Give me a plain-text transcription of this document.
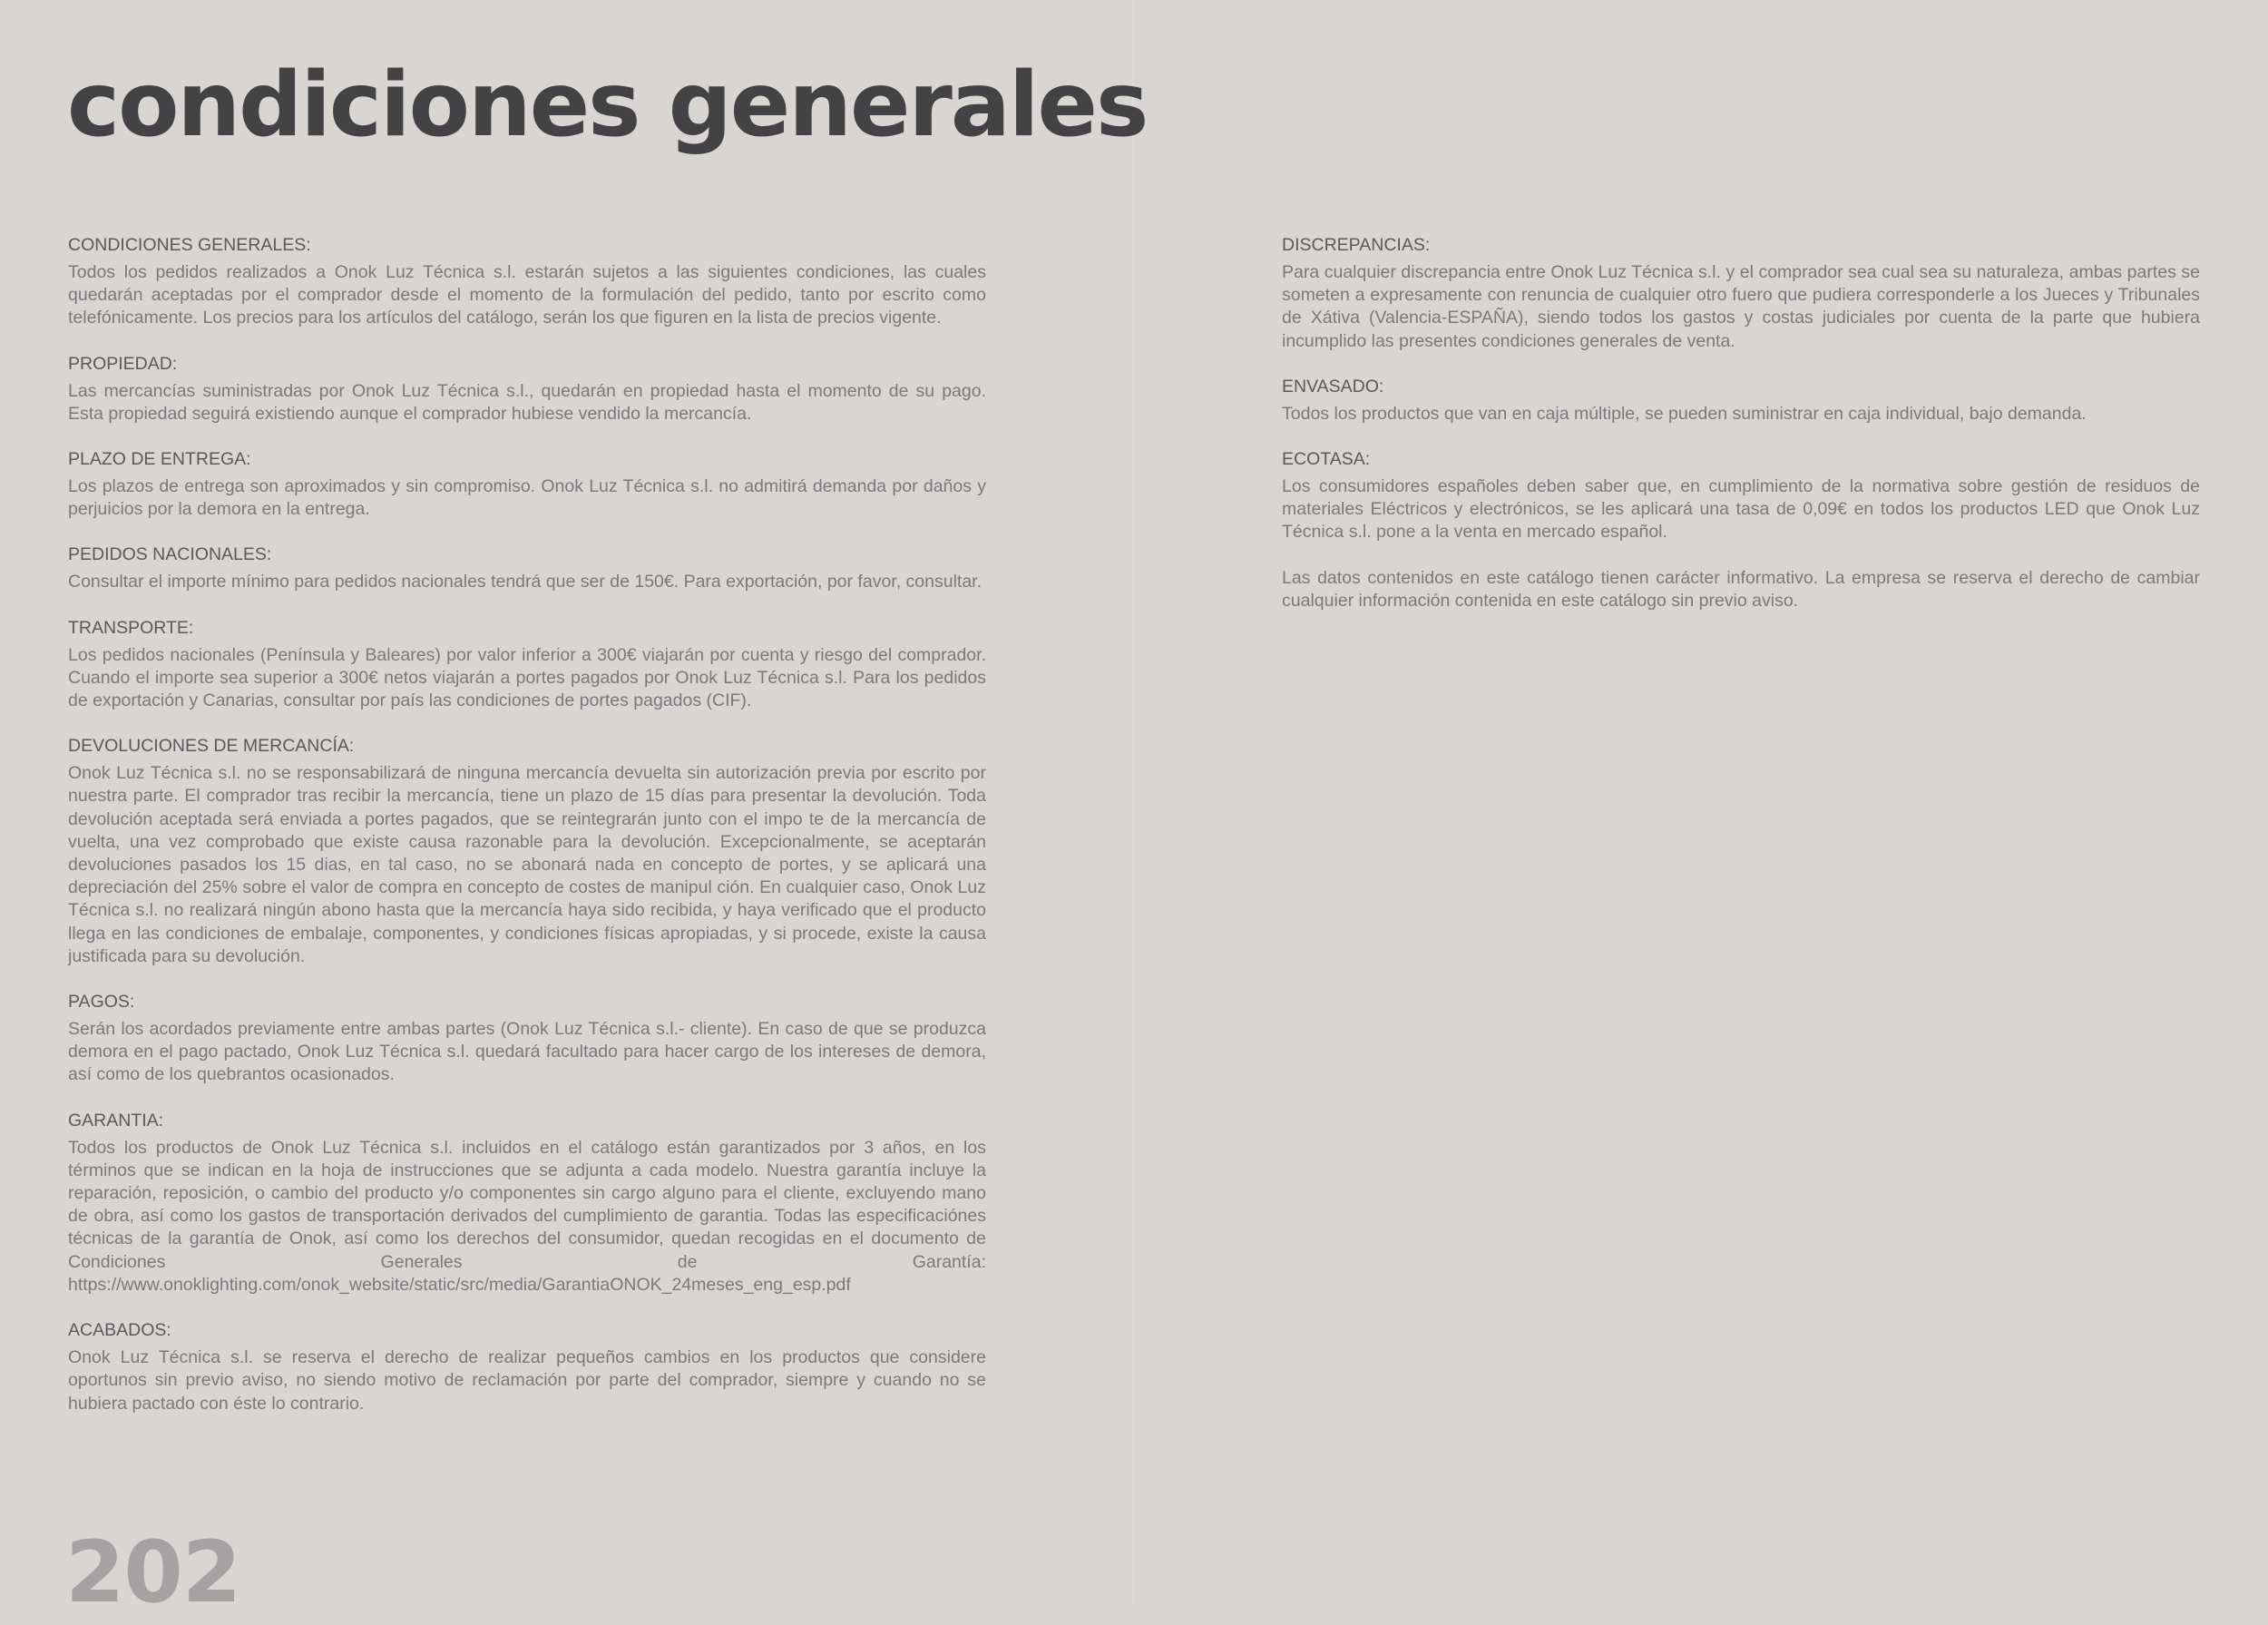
condiciones generales

CONDICIONES GENERALES:

Todos los pedidos realizados a Onok Luz Técnica s.l. estarán sujetos a las siguientes condiciones, las cuales quedarán aceptadas por el comprador desde el momento de la formulación del pedido, tanto por escrito como telefónicamente. Los precios para los artículos del catálogo, serán los que figuren en la lista de precios vigente.

PROPIEDAD:

Las mercancías suministradas por Onok Luz Técnica s.l., quedarán en propiedad hasta el momento de su pago. Esta propiedad seguirá existiendo aunque el comprador hubiese vendido la mercancía.

PLAZO DE ENTREGA:

Los plazos de entrega son aproximados y sin compromiso. Onok Luz Técnica s.l. no admitirá demanda por daños y perjuicios por la demora en la entrega.

PEDIDOS NACIONALES:

Consultar el importe mínimo para pedidos nacionales tendrá que ser de 150€. Para exportación, por favor, consultar.

TRANSPORTE:

Los pedidos nacionales (Península y Baleares) por valor inferior a 300€ viajarán por cuenta y riesgo del comprador. Cuando el importe sea superior a 300€ netos viajarán a portes pagados por Onok Luz Técnica s.l. Para los pedidos de exportación y Canarias, consultar por país las condiciones de portes pagados (CIF).

DEVOLUCIONES DE MERCANCÍA:

Onok Luz Técnica s.l. no se responsabilizará de ninguna mercancía devuelta sin autorización previa por escrito por nuestra parte. El comprador tras recibir la mercancía, tiene un plazo de 15 días para presentar la devolución. Toda devolución aceptada será enviada a portes pagados, que se reintegrarán junto con el impo te de la mercancía de vuelta, una vez comprobado que existe causa razonable para la devolución. Excepcionalmente, se aceptarán devoluciones pasados los 15 dias, en tal caso, no se abonará nada en concepto de portes, y se aplicará una depreciación del 25% sobre el valor de compra en concepto de costes de manipul ción. En cualquier caso, Onok Luz Técnica s.l. no realizará ningún abono hasta que la mercancía haya sido recibida, y haya verificado que el producto llega en las condiciones de embalaje, componentes, y condiciones físicas apropiadas, y si procede, existe la causa justificada para su devolución.

PAGOS:

Serán los acordados previamente entre ambas partes (Onok Luz Técnica s.l.- cliente). En caso de que se produzca demora en el pago pactado, Onok Luz Técnica s.l. quedará facultado para hacer cargo de los intereses de demora, así como de los quebrantos ocasionados.

GARANTIA:

Todos los productos de Onok Luz Técnica s.l. incluidos en el catálogo están garantizados por 3 años, en los términos que se indican en la hoja de instrucciones que se adjunta a cada modelo. Nuestra garantía incluye la reparación, reposición, o cambio del producto y/o componentes sin cargo alguno para el cliente, excluyendo mano de obra, así como los gastos de transportación derivados del cumplimiento de garantia. Todas las especificaciónes técnicas de la garantía de Onok, así como los derechos del consumidor, quedan recogidas en el documento de Condiciones Generales de Garantía: https://www.onoklighting.com/onok_website/static/src/media/GarantiaONOK_24meses_eng_esp.pdf

ACABADOS:

Onok Luz Técnica s.l. se reserva el derecho de realizar pequeños cambios en los productos que considere oportunos sin previo aviso, no siendo motivo de reclamación por parte del comprador, siempre y cuando no se hubiera pactado con éste lo contrario.

DISCREPANCIAS:

Para cualquier discrepancia entre Onok Luz Técnica s.l. y el comprador sea cual sea su naturaleza, ambas partes se someten a expresamente con renuncia de cualquier otro fuero que pudiera corresponderle a los Jueces y Tribunales de Xátiva (Valencia-ESPAÑA), siendo todos los gastos y costas judiciales por cuenta de la parte que hubiera incumplido las presentes condiciones generales de venta.

ENVASADO:

Todos los productos que van en caja múltiple, se pueden suministrar en caja individual, bajo demanda.

ECOTASA:

Los consumidores españoles deben saber que, en cumplimiento de la normativa sobre gestión de residuos de materiales Eléctricos y electrónicos, se les aplicará una tasa de 0,09€ en todos los productos LED que Onok Luz Técnica s.l. pone a la venta en mercado español.

Las datos contenidos en este catálogo tienen carácter informativo. La empresa se reserva el derecho de cambiar cualquier información contenida en este catálogo sin previo aviso.

202
